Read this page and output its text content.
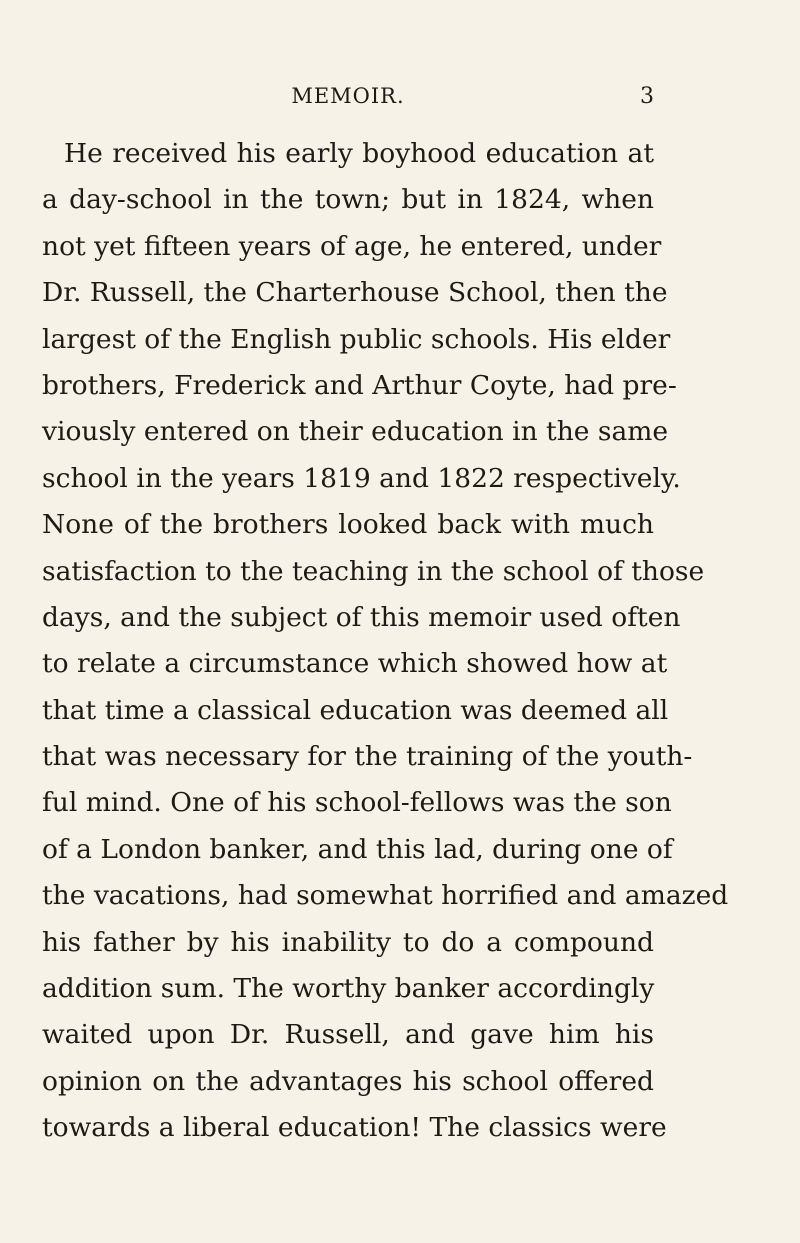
MEMOIR.	3
He received his early boyhood education at
a day-school in the town; but in 1824, when
not yet fifteen years of age, he entered, under
Dr. Russell, the Charterhouse School, then the
largest of the English public schools. His elder
brothers, Frederick and Arthur Coyte, had pre-
viously entered on their education in the same
school in the years 1819 and 1822 respectively.
None of the brothers looked back with much
satisfaction to the teaching in the school of those
days, and the subject of this memoir used often
to relate a circumstance which showed how at
that time a classical education was deemed all
that was necessary for the training of the youth-
ful mind. One of his school-fellows was the son
of a London banker, and this lad, during one of
the vacations, had somewhat horrified and amazed
his father by his inability to do a compound
addition sum. The worthy banker accordingly
waited upon Dr. Russell, and gave him his
opinion on the advantages his school offered
towards a liberal education! The classics were
